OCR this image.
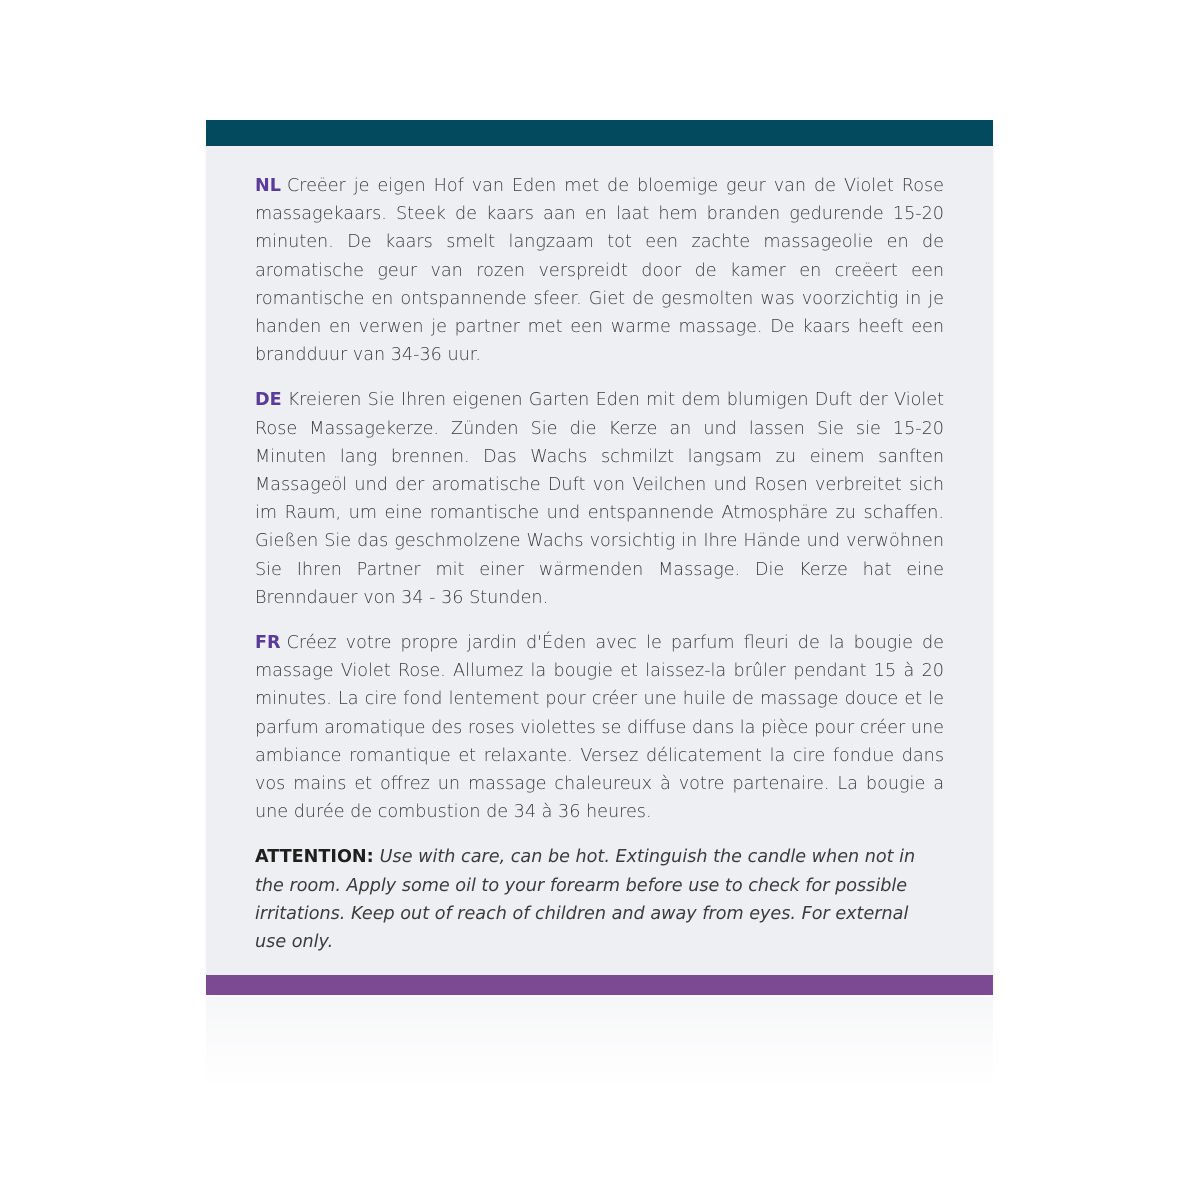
NL Creëer je eigen Hof van Eden met de bloemige geur van de Violet Rose massagekaars. Steek de kaars aan en laat hem branden gedurende 15-20 minuten. De kaars smelt langzaam tot een zachte massageolie en de aromatische geur van rozen verspreidt door de kamer en creëert een romantische en ontspannende sfeer. Giet de gesmolten was voorzichtig in je handen en verwen je partner met een warme massage. De kaars heeft een brandduur van 34-36 uur.

DE Kreieren Sie Ihren eigenen Garten Eden mit dem blumigen Duft der Violet Rose Massagekerze. Zünden Sie die Kerze an und lassen Sie sie 15-20 Minuten lang brennen. Das Wachs schmilzt langsam zu einem sanften Massageöl und der aromatische Duft von Veilchen und Rosen verbreitet sich im Raum, um eine romantische und entspannende Atmosphäre zu schaffen. Gießen Sie das geschmolzene Wachs vorsichtig in Ihre Hände und verwöhnen Sie Ihren Partner mit einer wärmenden Massage. Die Kerze hat eine Brenndauer von 34 - 36 Stunden.

FR Créez votre propre jardin d'Éden avec le parfum fleuri de la bougie de massage Violet Rose. Allumez la bougie et laissez-la brûler pendant 15 à 20 minutes. La cire fond lentement pour créer une huile de massage douce et le parfum aromatique des roses violettes se diffuse dans la pièce pour créer une ambiance romantique et relaxante. Versez délicatement la cire fondue dans vos mains et offrez un massage chaleureux à votre partenaire. La bougie a une durée de combustion de 34 à 36 heures.

ATTENTION: Use with care, can be hot. Extinguish the candle when not in the room. Apply some oil to your forearm before use to check for possible irritations. Keep out of reach of children and away from eyes. For external use only.
